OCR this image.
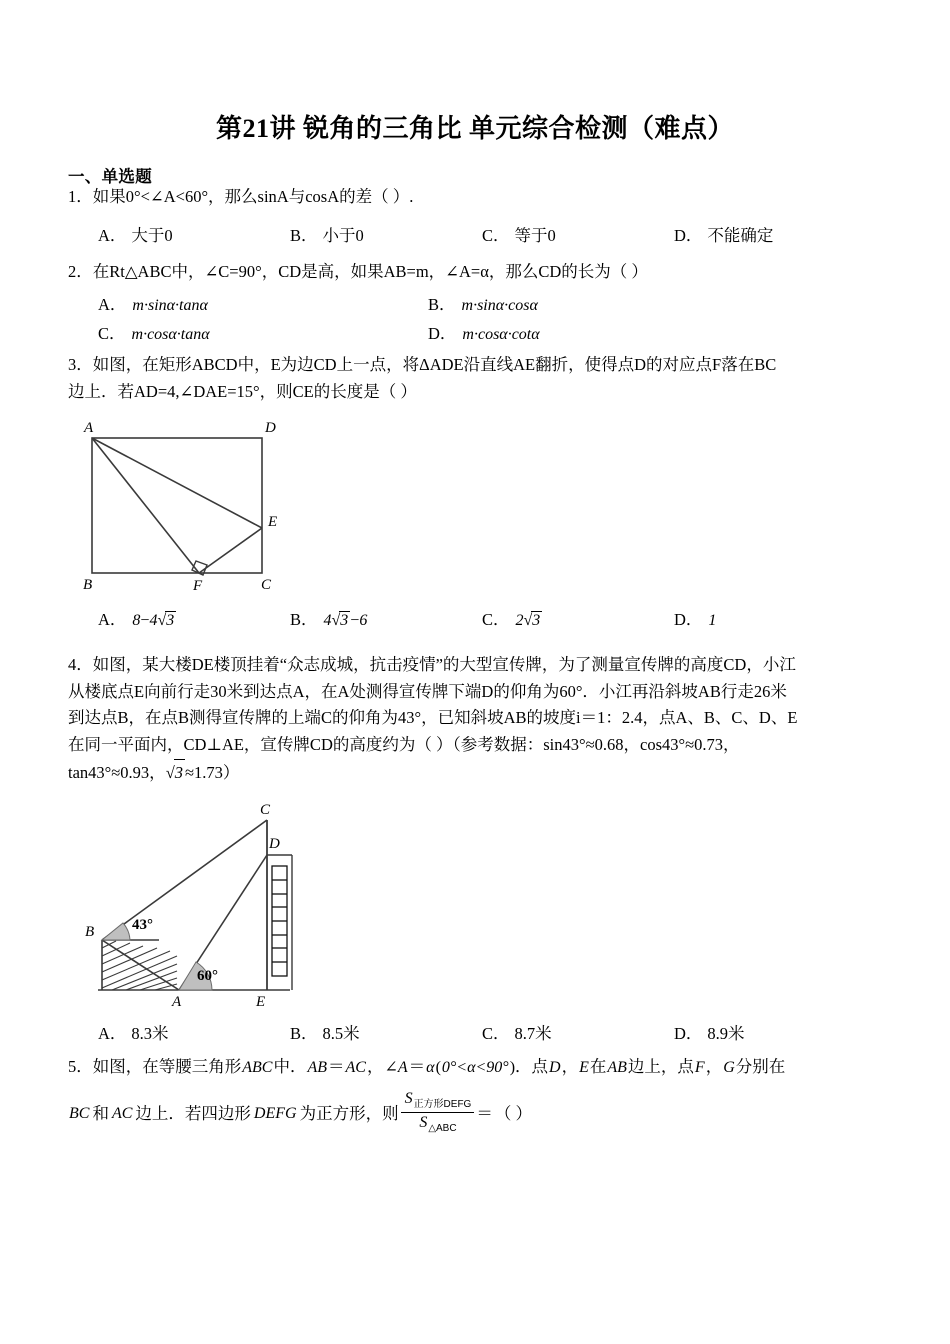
第21讲 锐角的三角比 单元综合检测（难点）
一、单选题
1．如果0°<∠A<60°，那么sinA与cosA的差（ ）.
A． 大于0	B． 小于0	C． 等于0	D． 不能确定
2．在Rt△ABC中，∠C=90°，CD是高，如果AB=m，∠A=α，那么CD的长为（ ）
A． m·sinα·tanα	B． m·sinα·cosα
C． m·cosα·tanα	D． m·cosα·cotα
3．如图，在矩形ABCD中，E为边CD上一点，将ΔADE沿直线AE翻折，使得点D的对应点F落在BC
边上．若AD=4,∠DAE=15°，则CE的长度是（ ）
A	D
B	C
E
F
A． 8−4√3	B． 4√3 −6	C． 2√3	D． 1
4．如图，某大楼DE楼顶挂着“众志成城，抗击疫情”的大型宣传牌，为了测量宣传牌的高度CD，小江
从楼底点E向前行走30米到达点A，在A处测得宣传牌下端D的仰角为60°．小江再沿斜坡AB行走26米
到达点B，在点B测得宣传牌的上端C的仰角为43°，已知斜坡AB的坡度i＝1：2.4，点A、B、C、D、E
在同一平面内，CD⊥AE，宣传牌CD的高度约为（ ）（参考数据：sin43°≈0.68，cos43°≈0.73，
tan43°≈0.93，√3 ≈1.73）
B
C
D
A	E
43°
60°
A． 8.3米	B． 8.5米	C． 8.7米	D． 8.9米
5．如图，在等腰三角形ABC中．AB＝AC，∠A＝α(0°<α<90°)．点D，E在AB边上，点F，G分别在
BC 和 AC 边上．若四边形 DEFG 为正方形，则 $\frac{S_{正方形DEFG}}{S_{\triangle ABC}}$ ＝ （ ）
